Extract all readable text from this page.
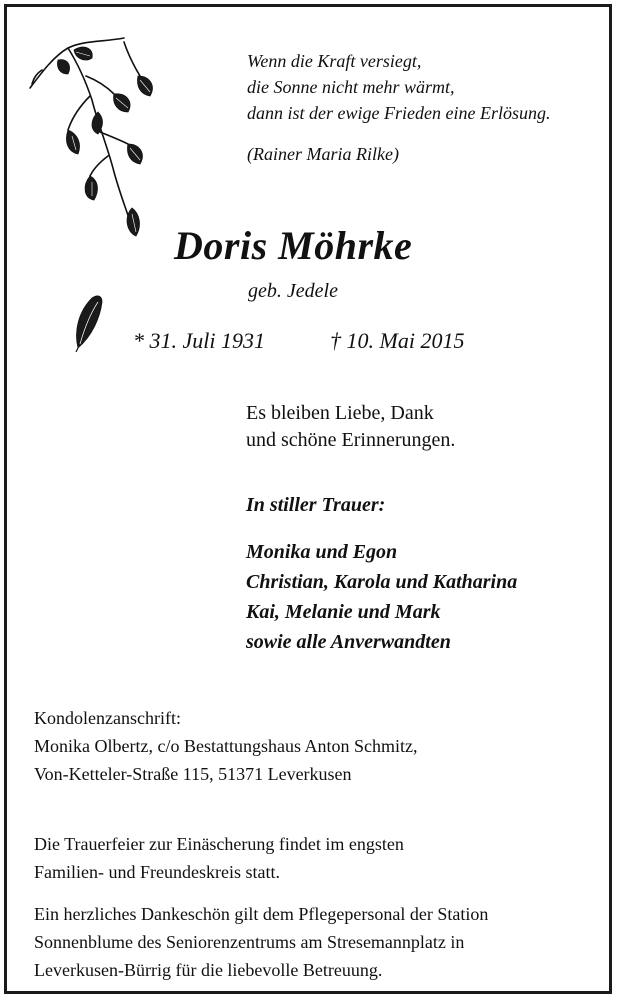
Wenn die Kraft versiegt,
die Sonne nicht mehr wärmt,
dann ist der ewige Frieden eine Erlösung.
(Rainer Maria Rilke)
Doris Möhrke
geb. Jedele
* 31. Juli 1931	† 10. Mai 2015
Es bleiben Liebe, Dank
und schöne Erinnerungen.
In stiller Trauer:
Monika und Egon
Christian, Karola und Katharina
Kai, Melanie und Mark
sowie alle Anverwandten
Kondolenzanschrift:
Monika Olbertz, c/o Bestattungshaus Anton Schmitz,
Von-Ketteler-Straße 115, 51371 Leverkusen
Die Trauerfeier zur Einäscherung findet im engsten
Familien- und Freundeskreis statt.
Ein herzliches Dankeschön gilt dem Pflegepersonal der Station
Sonnenblume des Seniorenzentrums am Stresemannplatz in
Leverkusen-Bürrig für die liebevolle Betreuung.
